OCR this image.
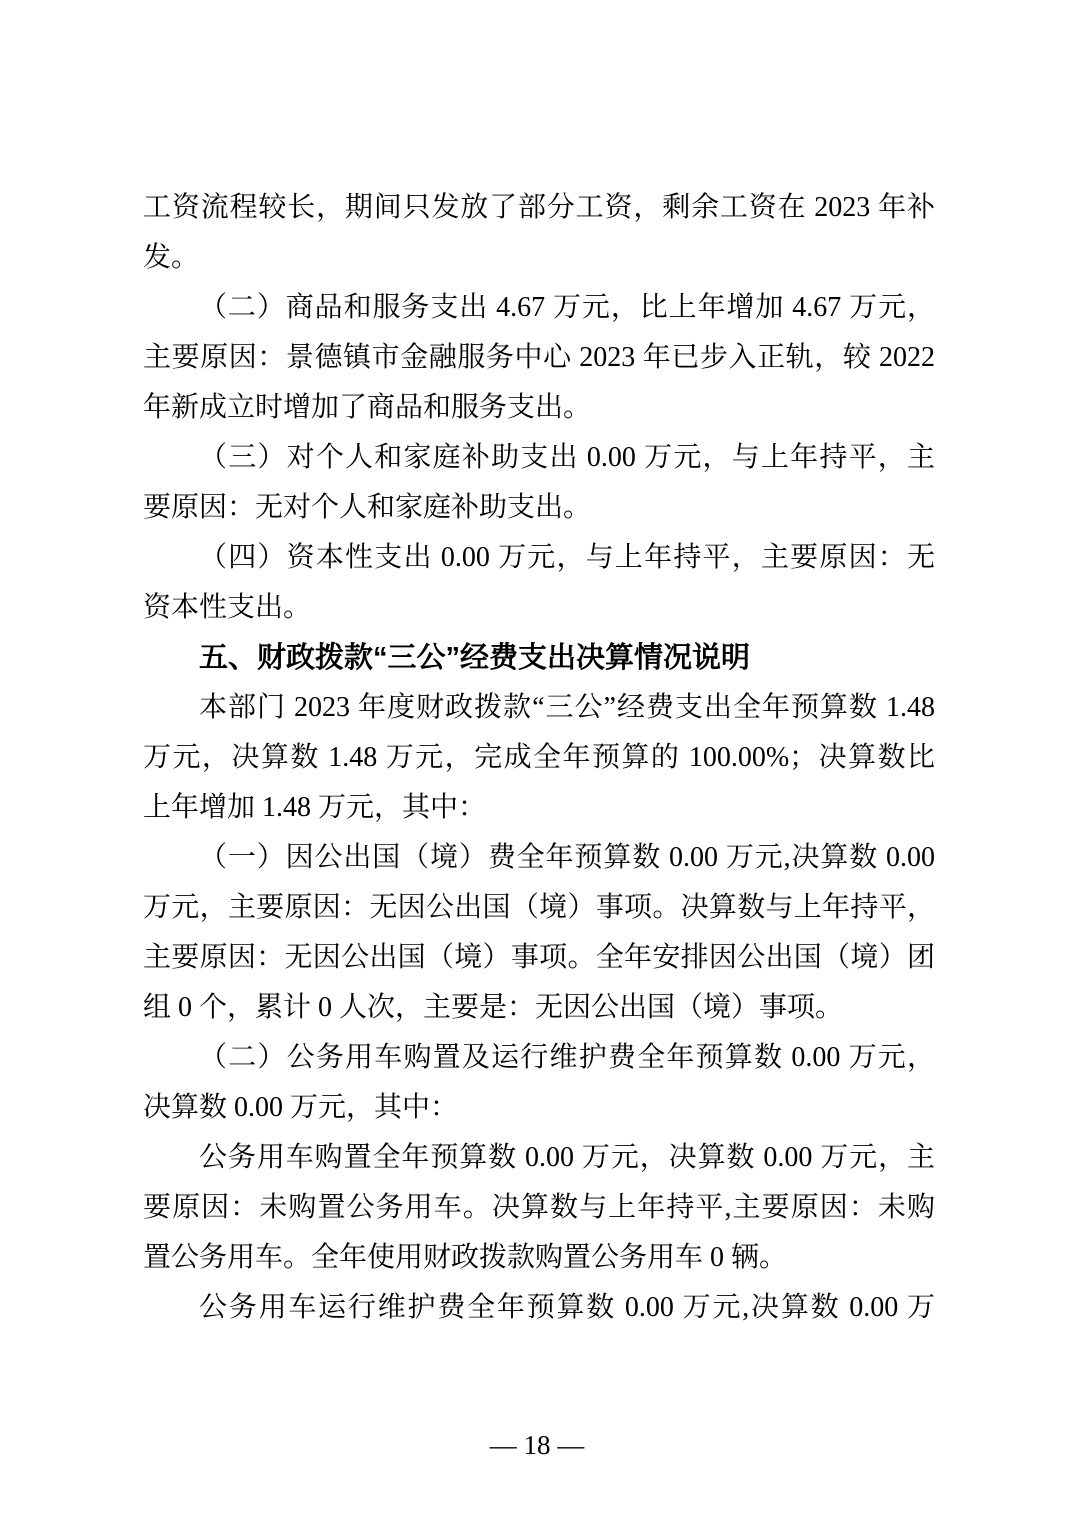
工资流程较长，期间只发放了部分工资，剩余工资在 2023 年补
发。
（二）商品和服务支出 4.67 万元，比上年增加 4.67 万元，
主要原因：景德镇市金融服务中心 2023 年已步入正轨，较 2022
年新成立时增加了商品和服务支出。
（三）对个人和家庭补助支出 0.00 万元，与上年持平，主
要原因：无对个人和家庭补助支出。
（四）资本性支出 0.00 万元，与上年持平，主要原因：无
资本性支出。
五、财政拨款“三公”经费支出决算情况说明
本部门 2023 年度财政拨款“三公”经费支出全年预算数 1.48
万元，决算数 1.48 万元，完成全年预算的 100.00%；决算数比
上年增加 1.48 万元，其中：
（一）因公出国（境）费全年预算数 0.00 万元,决算数 0.00
万元，主要原因：无因公出国（境）事项。决算数与上年持平，
主要原因：无因公出国（境）事项。全年安排因公出国（境）团
组 0 个，累计 0 人次，主要是：无因公出国（境）事项。
（二）公务用车购置及运行维护费全年预算数 0.00 万元，
决算数 0.00 万元，其中：
公务用车购置全年预算数 0.00 万元，决算数 0.00 万元，主
要原因：未购置公务用车。决算数与上年持平,主要原因：未购
置公务用车。全年使用财政拨款购置公务用车 0 辆。
公务用车运行维护费全年预算数 0.00 万元,决算数 0.00 万
— 18 —
